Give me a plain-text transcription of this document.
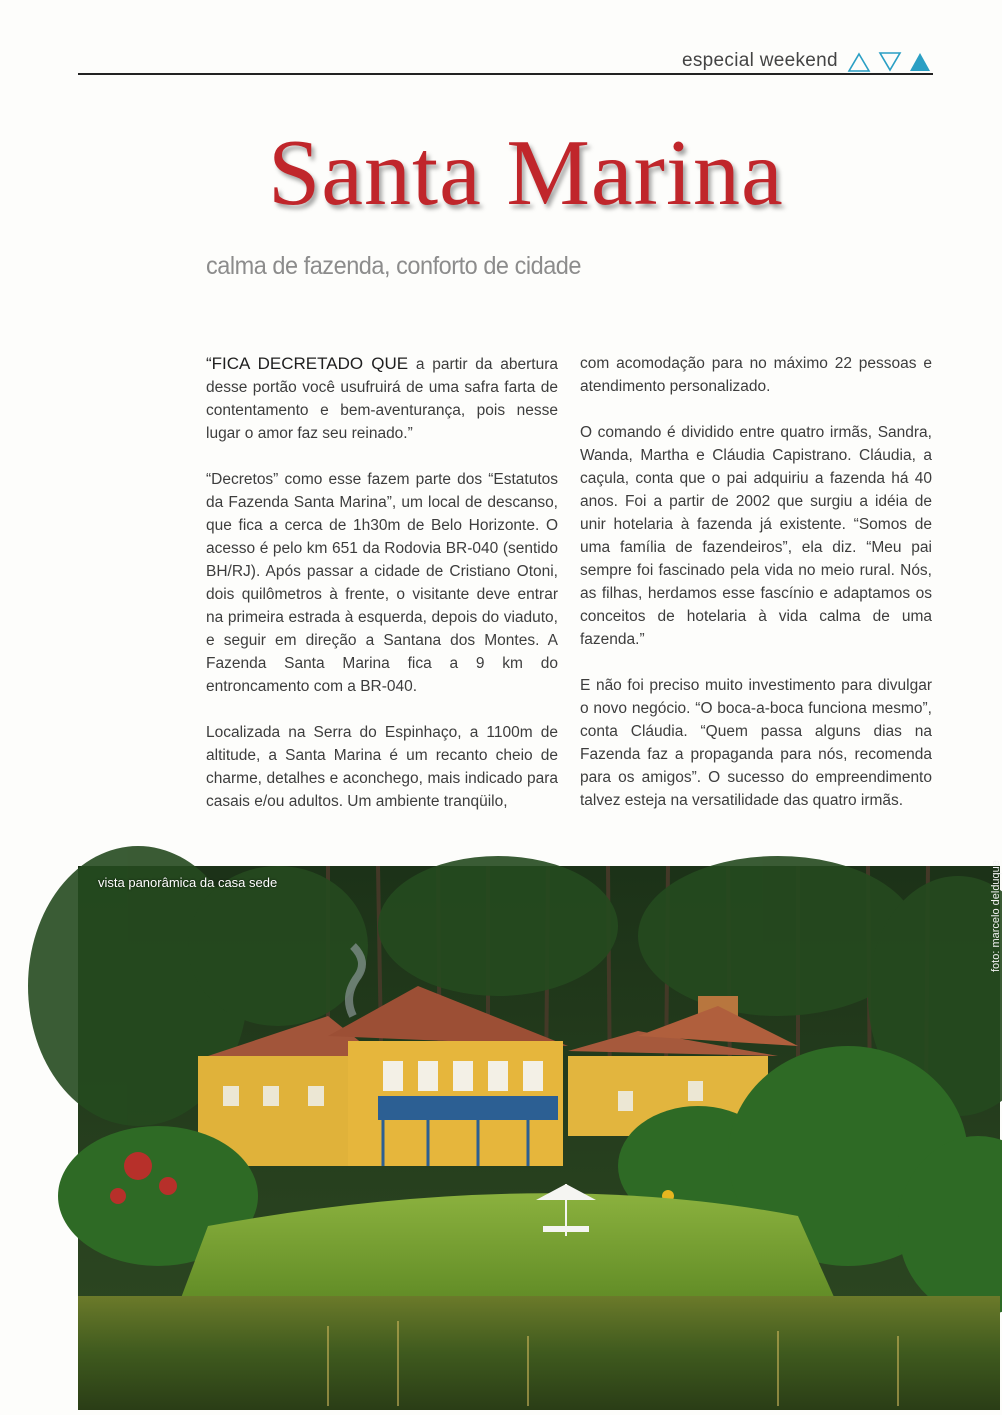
especial weekend
Santa Marina
calma de fazenda, conforto de cidade

“FICA DECRETADO QUE a partir da abertura desse portão você usufruirá de uma safra farta de contentamento e bem-aventurança, pois nesse lugar o amor faz seu reinado.”

“Decretos” como esse fazem parte dos “Estatutos da Fazenda Santa Marina”, um local de descanso, que fica a cerca de 1h30m de Belo Horizonte. O acesso é pelo km 651 da Rodovia BR-040 (sentido BH/RJ). Após passar a cidade de Cristiano Otoni, dois quilômetros à frente, o visitante deve entrar na primeira estrada à esquerda, depois do viaduto, e seguir em direção a Santana dos Montes. A Fazenda Santa Marina fica a 9 km do entroncamento com a BR-040.

Localizada na Serra do Espinhaço, a 1100m de altitude, a Santa Marina é um recanto cheio de charme, detalhes e aconchego, mais indicado para casais e/ou adultos. Um ambiente tranqüilo,

com acomodação para no máximo 22 pessoas e atendimento personalizado.

O comando é dividido entre quatro irmãs, Sandra, Wanda, Martha e Cláudia Capistrano. Cláudia, a caçula, conta que o pai adquiriu a fazenda há 40 anos. Foi a partir de 2002 que surgiu a idéia de unir hotelaria à fazenda já existente. “Somos de uma família de fazendeiros”, ela diz. “Meu pai sempre foi fascinado pela vida no meio rural. Nós, as filhas, herdamos esse fascínio e adaptamos os conceitos de hotelaria à vida calma de uma fazenda.”

E não foi preciso muito investimento para divulgar o novo negócio. “O boca-a-boca funciona mesmo”, conta Cláudia. “Quem passa alguns dias na Fazenda faz a propaganda para nós, recomenda para os amigos”. O sucesso do empreendimento talvez esteja na versatilidade das quatro irmãs.

vista panorâmica da casa sede	foto: marcelo delduque
